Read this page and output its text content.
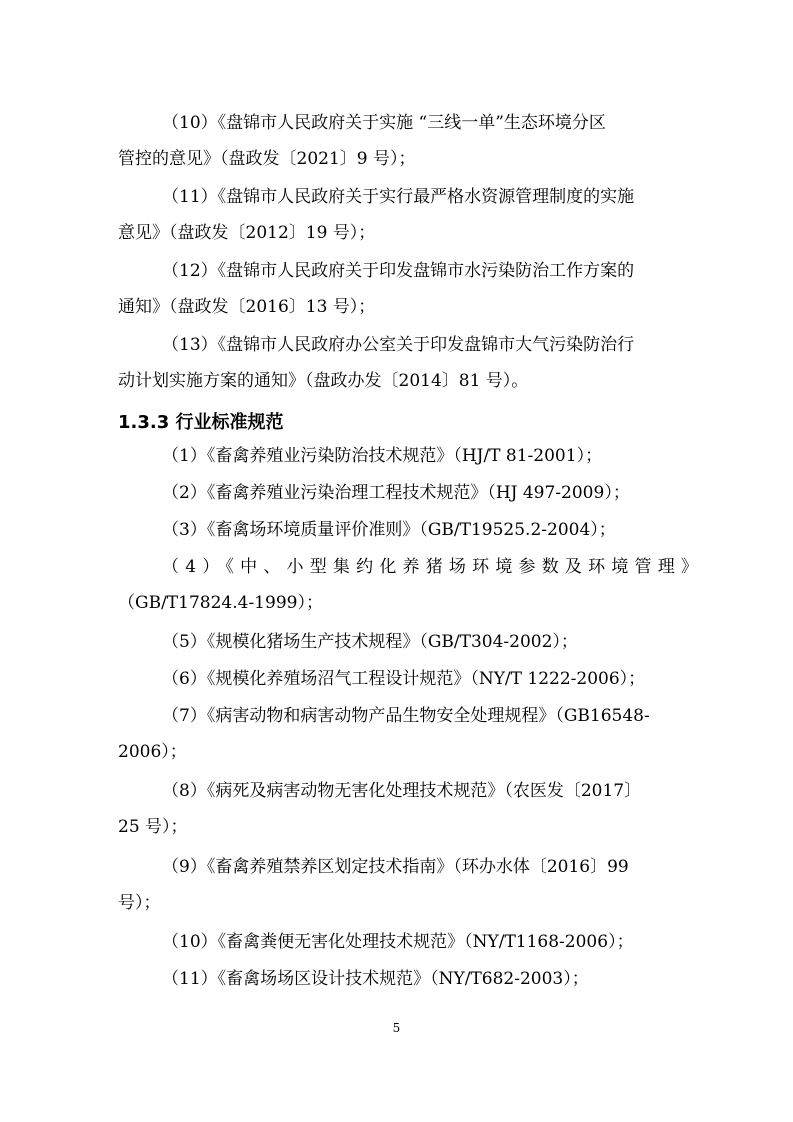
（10）《盘锦市人民政府关于实施 “三线一单”生态环境分区
管控的意见》（盘政发〔2021〕9 号）；

（11）《盘锦市人民政府关于实行最严格水资源管理制度的实施
意见》（盘政发〔2012〕19 号）；

（12）《盘锦市人民政府关于印发盘锦市水污染防治工作方案的
通知》（盘政发〔2016〕13 号）；

（13）《盘锦市人民政府办公室关于印发盘锦市大气污染防治行
动计划实施方案的通知》（盘政办发〔2014〕81 号）。

1.3.3 行业标准规范

（1）《畜禽养殖业污染防治技术规范》（HJ/T 81-2001）；

（2）《畜禽养殖业污染治理工程技术规范》（HJ 497-2009）；

（3）《畜禽场环境质量评价准则》（GB/T19525.2-2004）；

（4）《中、小型集约化养猪场环境参数及环境管理》
（GB/T17824.4-1999）；

（5）《规模化猪场生产技术规程》（GB/T304-2002）；

（6）《规模化养殖场沼气工程设计规范》（NY/T 1222-2006）；

（7）《病害动物和病害动物产品生物安全处理规程》（GB16548-
2006）；

（8）《病死及病害动物无害化处理技术规范》（农医发〔2017〕
25 号）；

（9）《畜禽养殖禁养区划定技术指南》（环办水体〔2016〕99
号）；

（10）《畜禽粪便无害化处理技术规范》（NY/T1168-2006）；

（11）《畜禽场场区设计技术规范》（NY/T682-2003）；

5
